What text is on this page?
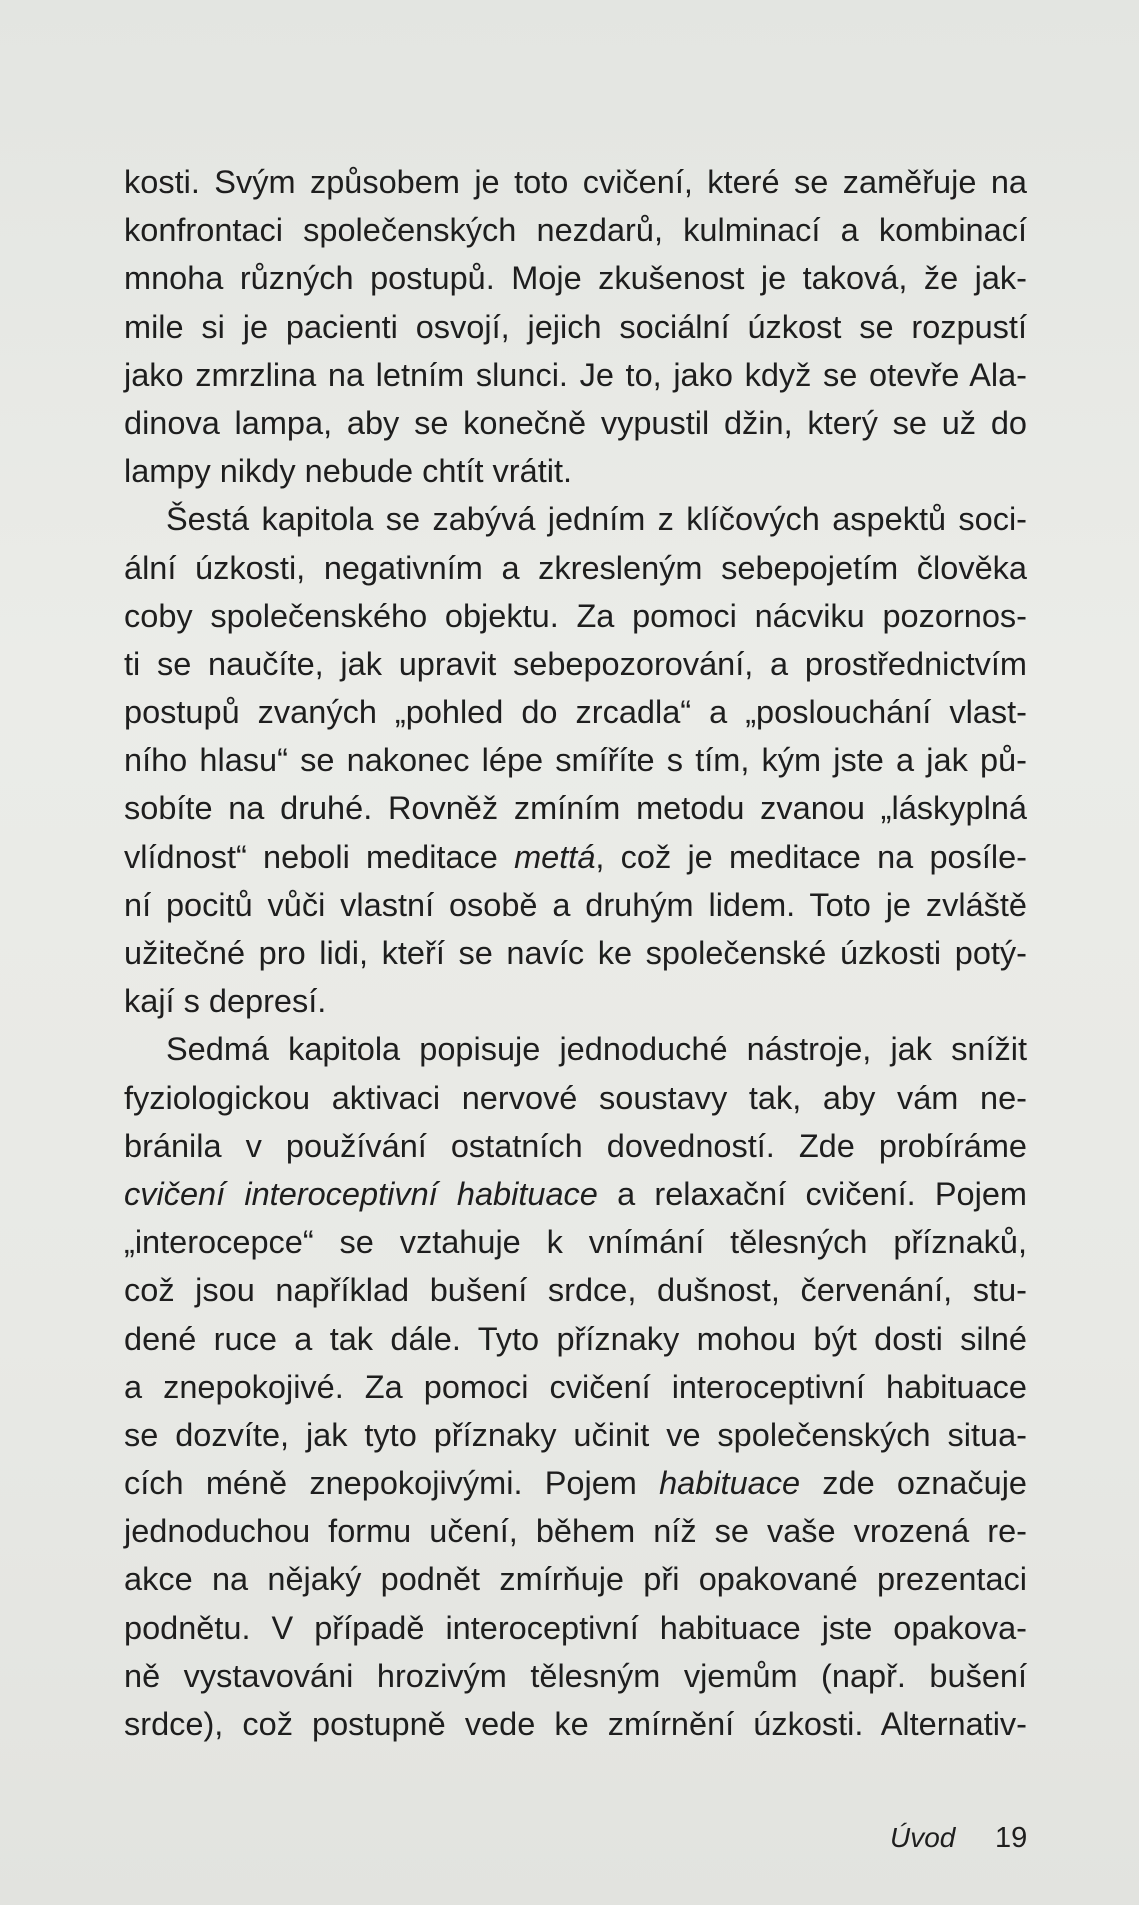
kosti. Svým způsobem je toto cvičení, které se zaměřuje na
konfrontaci společenských nezdarů, kulminací a kombinací
mnoha různých postupů. Moje zkušenost je taková, že jak-
mile si je pacienti osvojí, jejich sociální úzkost se rozpustí
jako zmrzlina na letním slunci. Je to, jako když se otevře Ala-
dinova lampa, aby se konečně vypustil džin, který se už do
lampy nikdy nebude chtít vrátit.
Šestá kapitola se zabývá jedním z klíčových aspektů soci-
ální úzkosti, negativním a zkresleným sebepojetím člověka
coby společenského objektu. Za pomoci nácviku pozornos-
ti se naučíte, jak upravit sebepozorování, a prostřednictvím
postupů zvaných „pohled do zrcadla“ a „poslouchání vlast-
ního hlasu“ se nakonec lépe smíříte s tím, kým jste a jak pů-
sobíte na druhé. Rovněž zmíním metodu zvanou „láskyplná
vlídnost“ neboli meditace mettá, což je meditace na posíle-
ní pocitů vůči vlastní osobě a druhým lidem. Toto je zvláště
užitečné pro lidi, kteří se navíc ke společenské úzkosti potý-
kají s depresí.
Sedmá kapitola popisuje jednoduché nástroje, jak snížit
fyziologickou aktivaci nervové soustavy tak, aby vám ne-
bránila v používání ostatních dovedností. Zde probíráme
cvičení interoceptivní habituace a relaxační cvičení. Pojem
„interocepce“ se vztahuje k vnímání tělesných příznaků,
což jsou například bušení srdce, dušnost, červenání, stu-
dené ruce a tak dále. Tyto příznaky mohou být dosti silné
a znepokojivé. Za pomoci cvičení interoceptivní habituace
se dozvíte, jak tyto příznaky učinit ve společenských situa-
cích méně znepokojivými. Pojem habituace zde označuje
jednoduchou formu učení, během níž se vaše vrozená re-
akce na nějaký podnět zmírňuje při opakované prezentaci
podnětu. V případě interoceptivní habituace jste opakova-
ně vystavováni hrozivým tělesným vjemům (např. bušení
srdce), což postupně vede ke zmírnění úzkosti. Alternativ-
Úvod 19
